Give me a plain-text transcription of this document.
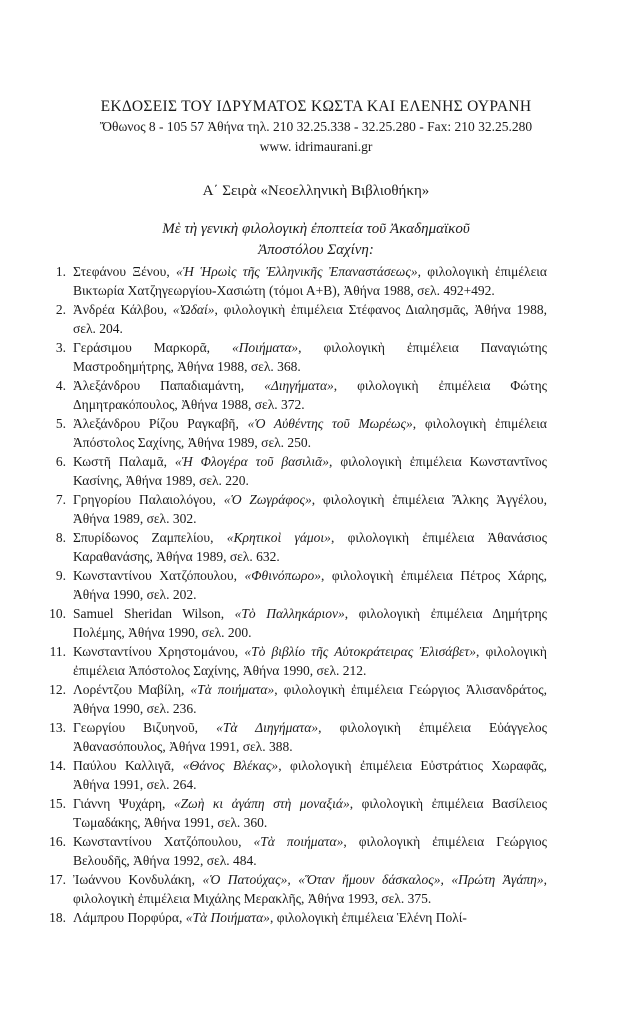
ΕΚΔΟΣΕΙΣ ΤΟΥ ΙΔΡΥΜΑΤΟΣ ΚΩΣΤΑ ΚΑΙ ΕΛΕΝΗΣ ΟΥΡΑΝΗ
Ὄθωνος 8 - 105 57 Ἀθήνα τηλ. 210 32.25.338 - 32.25.280 - Fax: 210 32.25.280
www. idrimaurani.gr
Α΄ Σειρὰ «Νεοελληνικὴ Βιβλιοθήκη»
Μὲ τὴ γενικὴ φιλολογικὴ ἐποπτεία τοῦ Ἀκαδημαϊκοῦ
Ἀποστόλου Σαχίνη:
1. Στεφάνου Ξένου, «Ἡ Ἡρωὶς τῆς Ἑλληνικῆς Ἐπαναστάσεως», φιλολογικὴ ἐπιμέλεια Βικτωρία Χατζηγεωργίου-Χασιώτη (τόμοι Α+Β), Ἀθήνα 1988, σελ. 492+492.
2. Ἀνδρέα Κάλβου, «Ὠδαί», φιλολογικὴ ἐπιμέλεια Στέφανος Διαλησμᾶς, Ἀθήνα 1988, σελ. 204.
3. Γεράσιμου Μαρκορᾶ, «Ποιήματα», φιλολογικὴ ἐπιμέλεια Παναγιώτης Μαστροδημήτρης, Ἀθήνα 1988, σελ. 368.
4. Ἀλεξάνδρου Παπαδιαμάντη, «Διηγήματα», φιλολογικὴ ἐπιμέλεια Φώτης Δημητρακόπουλος, Ἀθήνα 1988, σελ. 372.
5. Ἀλεξάνδρου Ρίζου Ραγκαβῆ, «Ὁ Αὐθέντης τοῦ Μωρέως», φιλολογικὴ ἐπιμέλεια Ἀπόστολος Σαχίνης, Ἀθήνα 1989, σελ. 250.
6. Κωστῆ Παλαμᾶ, «Ἡ Φλογέρα τοῦ βασιλιᾶ», φιλολογικὴ ἐπιμέλεια Κωνσταντῖνος Κασίνης, Ἀθήνα 1989, σελ. 220.
7. Γρηγορίου Παλαιολόγου, «Ὁ Ζωγράφος», φιλολογικὴ ἐπιμέλεια Ἄλκης Ἀγγέλου, Ἀθήνα 1989, σελ. 302.
8. Σπυρίδωνος Ζαμπελίου, «Κρητικοὶ γάμοι», φιλολογικὴ ἐπιμέλεια Ἀθανάσιος Καραθανάσης, Ἀθήνα 1989, σελ. 632.
9. Κωνσταντίνου Χατζόπουλου, «Φθινόπωρο», φιλολογικὴ ἐπιμέλεια Πέτρος Χάρης, Ἀθήνα 1990, σελ. 202.
10. Samuel Sheridan Wilson, «Τὸ Παλληκάριον», φιλολογικὴ ἐπιμέλεια Δημήτρης Πολέμης, Ἀθήνα 1990, σελ. 200.
11. Κωνσταντίνου Χρηστομάνου, «Τὸ βιβλίο τῆς Αὐτοκράτειρας Ἐλισάβετ», φιλολογικὴ ἐπιμέλεια Ἀπόστολος Σαχίνης, Ἀθήνα 1990, σελ. 212.
12. Λορέντζου Μαβίλη, «Τὰ ποιήματα», φιλολογικὴ ἐπιμέλεια Γεώργιος Ἀλισανδράτος, Ἀθήνα 1990, σελ. 236.
13. Γεωργίου Βιζυηνοῦ, «Τὰ Διηγήματα», φιλολογικὴ ἐπιμέλεια Εὐάγγελος Ἀθανασόπουλος, Ἀθήνα 1991, σελ. 388.
14. Παύλου Καλλιγᾶ, «Θάνος Βλέκας», φιλολογικὴ ἐπιμέλεια Εὐστράτιος Χωραφᾶς, Ἀθήνα 1991, σελ. 264.
15. Γιάννη Ψυχάρη, «Ζωὴ κι ἀγάπη στὴ μοναξιά», φιλολογικὴ ἐπιμέλεια Βασίλειος Τωμαδάκης, Ἀθήνα 1991, σελ. 360.
16. Κωνσταντίνου Χατζόπουλου, «Τὰ ποιήματα», φιλολογικὴ ἐπιμέλεια Γεώργιος Βελουδῆς, Ἀθήνα 1992, σελ. 484.
17. Ἰωάννου Κονδυλάκη, «Ὁ Πατούχας», «Ὅταν ἤμουν δάσκαλος», «Πρώτη Ἀγάπη», φιλολογικὴ ἐπιμέλεια Μιχάλης Μερακλῆς, Ἀθήνα 1993, σελ. 375.
18. Λάμπρου Πορφύρα, «Τὰ Ποιήματα», φιλολογικὴ ἐπιμέλεια Ἑλένη Πολί-
